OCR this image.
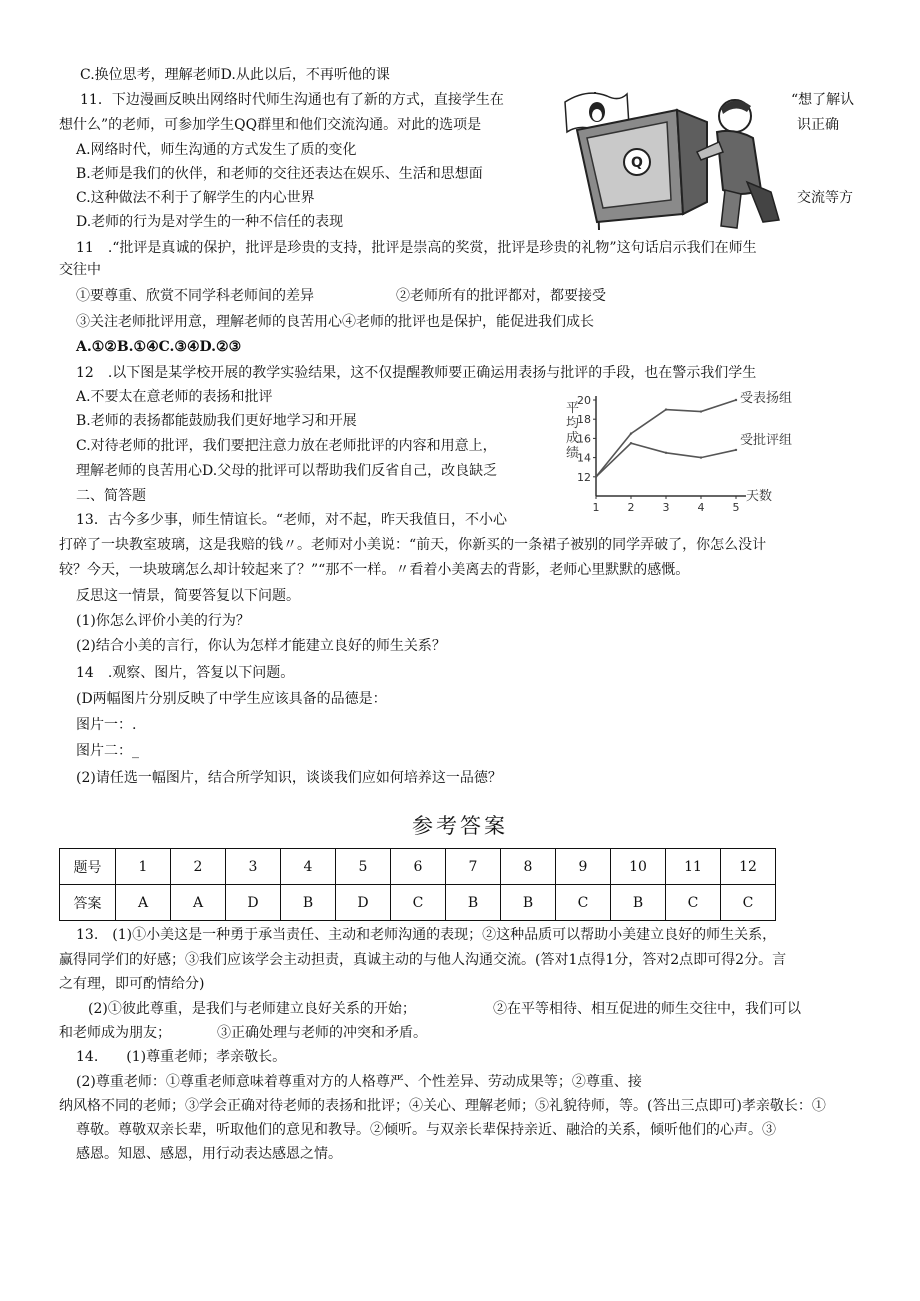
C.换位思考，理解老师D.从此以后，不再听他的课
11．下边漫画反映出网络时代师生沟通也有了新的方式，直接学生在	“想了解认
想什么”的老师，可参加学生QQ群里和他们交流沟通。对此的选项是	识正确
A.网络时代，师生沟通的方式发生了质的变化
B.老师是我们的伙伴，和老师的交往还表达在娱乐、生活和思想面
C.这种做法不利于了解学生的内心世界	交流等方
D.老师的行为是对学生的一种不信任的表现
Q
11　.“批评是真诚的保护，批评是珍贵的支持，批评是崇高的奖赏，批评是珍贵的礼物”这句话启示我们在师生
交往中
①要尊重、欣赏不同学科老师间的差异	②老师所有的批评都对，都要接受
③关注老师批评用意，理解老师的良苦用心④老师的批评也是保护，能促进我们成长
A.①②B.①④C.③④D.②③
12　.以下图是某学校开展的教学实验结果，这不仅提醒教师要正确运用表扬与批评的手段，也在警示我们学生
A.不要太在意老师的表扬和批评
B.老师的表扬都能鼓励我们更好地学习和开展
C.对待老师的批评，我们要把注意力放在老师批评的内容和用意上，
理解老师的良苦用心D.父母的批评可以帮助我们反省自己，改良缺乏
二、简答题
平
均
成
绩
12
14
16
18
20
1	2	3	4	5
受表扬组
受批评组
天数
13．古今多少事，师生情谊长。“老师，对不起，昨天我值日，不小心
打碎了一块教室玻璃，这是我赔的钱〃。老师对小美说：“前天，你新买的一条裙子被别的同学弄破了，你怎么没计
较？今天，一块玻璃怎么却计较起来了？”“那不一样。〃看着小美离去的背影，老师心里默默的感慨。
反思这一情景，简要答复以下问题。
(1)你怎么评价小美的行为？
(2)结合小美的言行，你认为怎样才能建立良好的师生关系？
14　.观察、图片，答复以下问题。
(D两幅图片分别反映了中学生应该具备的品德是：
图片一：.
图片二：_
(2)请任选一幅图片，结合所学知识，谈谈我们应如何培养这一品德？
参考答案
题号	1	2	3	4	5	6	7	8	9	10	11	12
答案	A	A	D	B	D	C	B	B	C	B	C	C
13.　(1)①小美这是一种勇于承当责任、主动和老师沟通的表现；②这种品质可以帮助小美建立良好的师生关系，
赢得同学们的好感；③我们应该学会主动担责，真诚主动的与他人沟通交流。(答对1点得1分，答对2点即可得2分。言
之有理，即可酌情给分)
(2)①彼此尊重，是我们与老师建立良好关系的开始；	②在平等相待、相互促进的师生交往中，我们可以
和老师成为朋友；	③正确处理与老师的冲突和矛盾。
14.　　(1)尊重老师；孝亲敬长。
(2)尊重老师：①尊重老师意味着尊重对方的人格尊严、个性差异、劳动成果等；②尊重、接
纳风格不同的老师；③学会正确对待老师的表扬和批评；④关心、理解老师；⑤礼貌待师，等。(答出三点即可)孝亲敬长：①
尊敬。尊敬双亲长辈，听取他们的意见和教导。②倾听。与双亲长辈保持亲近、融洽的关系，倾听他们的心声。③
感恩。知恩、感恩，用行动表达感恩之情。
